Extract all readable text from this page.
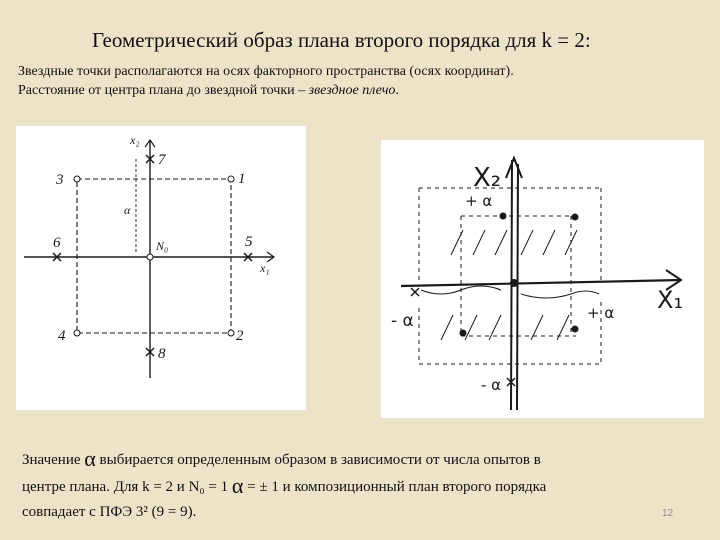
Геометрический образ плана второго порядка для k = 2:
Звездные точки располагаются на осях факторного пространства (осях координат).
Расстояние от центра плана до звездной точки – звездное плечо.
x₂
x₁
α
N₀
1
2
3
4
5
6
7
8
X₂
X₁
+ α
+ α
- α
- α
Значение α выбирается определенным образом в зависимости от числа опытов в
центре плана. Для k = 2 и N₀ = 1 α = ± 1 и композиционный план второго порядка
совпадает с ПФЭ 3² (9 = 9).	12
